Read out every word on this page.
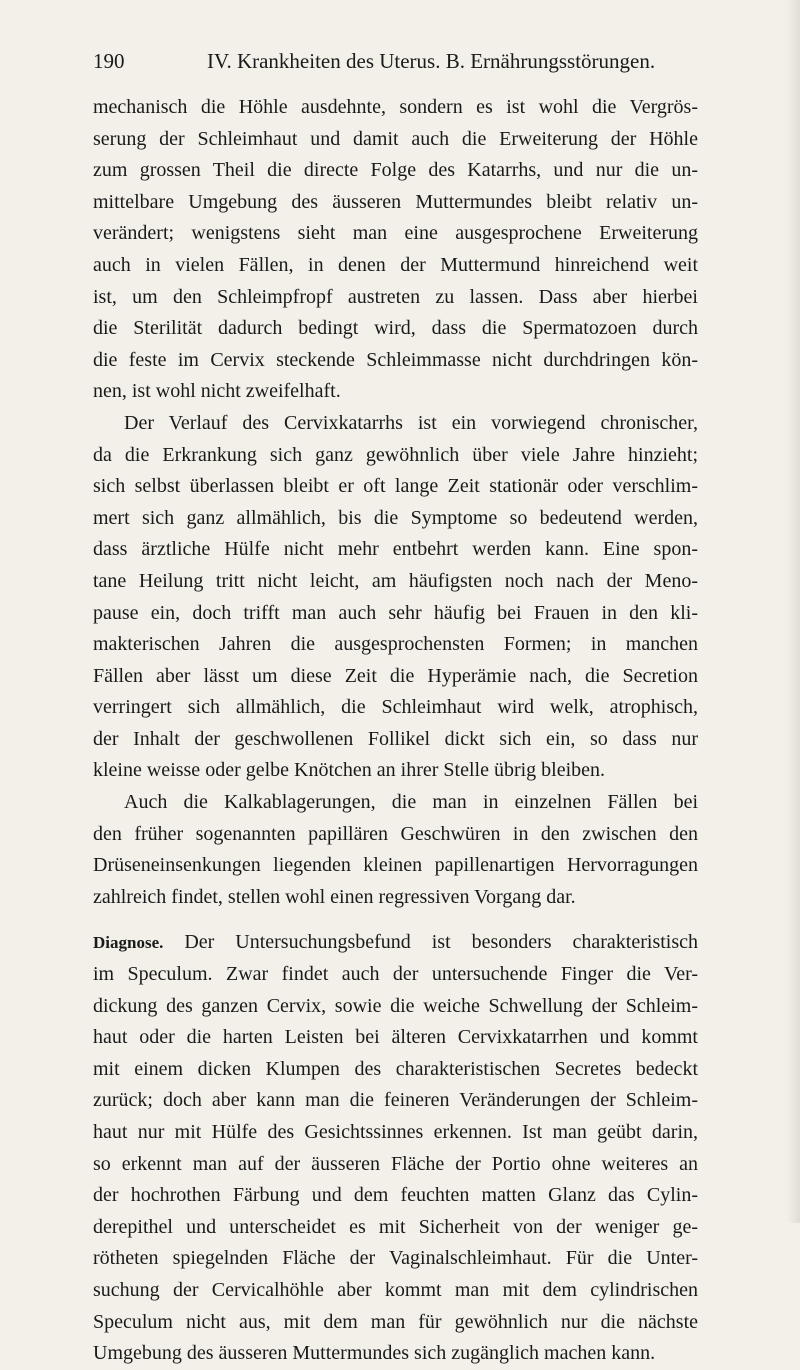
190	IV. Krankheiten des Uterus. B. Ernährungsstörungen.
mechanisch die Höhle ausdehnte, sondern es ist wohl die Vergrös-
serung der Schleimhaut und damit auch die Erweiterung der Höhle
zum grossen Theil die directe Folge des Katarrhs, und nur die un-
mittelbare Umgebung des äusseren Muttermundes bleibt relativ un-
verändert; wenigstens sieht man eine ausgesprochene Erweiterung
auch in vielen Fällen, in denen der Muttermund hinreichend weit
ist, um den Schleimpfropf austreten zu lassen. Dass aber hierbei
die Sterilität dadurch bedingt wird, dass die Spermatozoen durch
die feste im Cervix steckende Schleimmasse nicht durchdringen kön-
nen, ist wohl nicht zweifelhaft.
Der Verlauf des Cervixkatarrhs ist ein vorwiegend chronischer,
da die Erkrankung sich ganz gewöhnlich über viele Jahre hinzieht;
sich selbst überlassen bleibt er oft lange Zeit stationär oder verschlim-
mert sich ganz allmählich, bis die Symptome so bedeutend werden,
dass ärztliche Hülfe nicht mehr entbehrt werden kann. Eine spon-
tane Heilung tritt nicht leicht, am häufigsten noch nach der Meno-
pause ein, doch trifft man auch sehr häufig bei Frauen in den kli-
makterischen Jahren die ausgesprochensten Formen; in manchen
Fällen aber lässt um diese Zeit die Hyperämie nach, die Secretion
verringert sich allmählich, die Schleimhaut wird welk, atrophisch,
der Inhalt der geschwollenen Follikel dickt sich ein, so dass nur
kleine weisse oder gelbe Knötchen an ihrer Stelle übrig bleiben.
Auch die Kalkablagerungen, die man in einzelnen Fällen bei
den früher sogenannten papillären Geschwüren in den zwischen den
Drüseneinsenkungen liegenden kleinen papillenartigen Hervorragungen
zahlreich findet, stellen wohl einen regressiven Vorgang dar.
Diagnose. Der Untersuchungsbefund ist besonders charakteristisch
im Speculum. Zwar findet auch der untersuchende Finger die Ver-
dickung des ganzen Cervix, sowie die weiche Schwellung der Schleim-
haut oder die harten Leisten bei älteren Cervixkatarrhen und kommt
mit einem dicken Klumpen des charakteristischen Secretes bedeckt
zurück; doch aber kann man die feineren Veränderungen der Schleim-
haut nur mit Hülfe des Gesichtssinnes erkennen. Ist man geübt darin,
so erkennt man auf der äusseren Fläche der Portio ohne weiteres an
der hochrothen Färbung und dem feuchten matten Glanz das Cylin-
derepithel und unterscheidet es mit Sicherheit von der weniger ge-
rötheten spiegelnden Fläche der Vaginalschleimhaut. Für die Unter-
suchung der Cervicalhöhle aber kommt man mit dem cylindrischen
Speculum nicht aus, mit dem man für gewöhnlich nur die nächste
Umgebung des äusseren Muttermundes sich zugänglich machen kann.
